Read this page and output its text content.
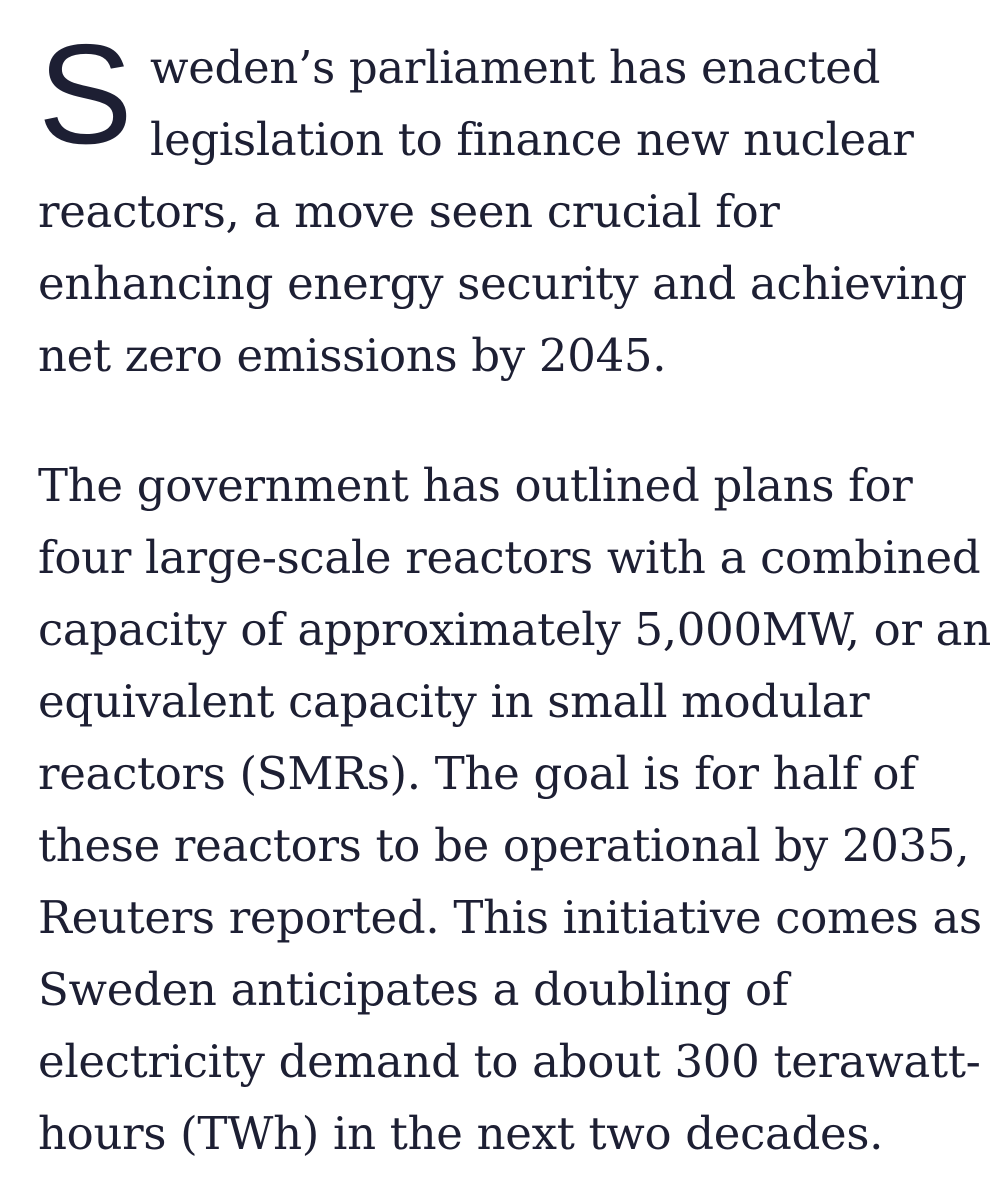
S weden’s parliament has enacted
legislation to finance new nuclear
reactors, a move seen crucial for
enhancing energy security and achieving
net zero emissions by 2045.
The government has outlined plans for
four large-scale reactors with a combined
capacity of approximately 5,000MW, or an
equivalent capacity in small modular
reactors (SMRs). The goal is for half of
these reactors to be operational by 2035,
Reuters reported. This initiative comes as
Sweden anticipates a doubling of
electricity demand to about 300 terawatt-
hours (TWh) in the next two decades.
